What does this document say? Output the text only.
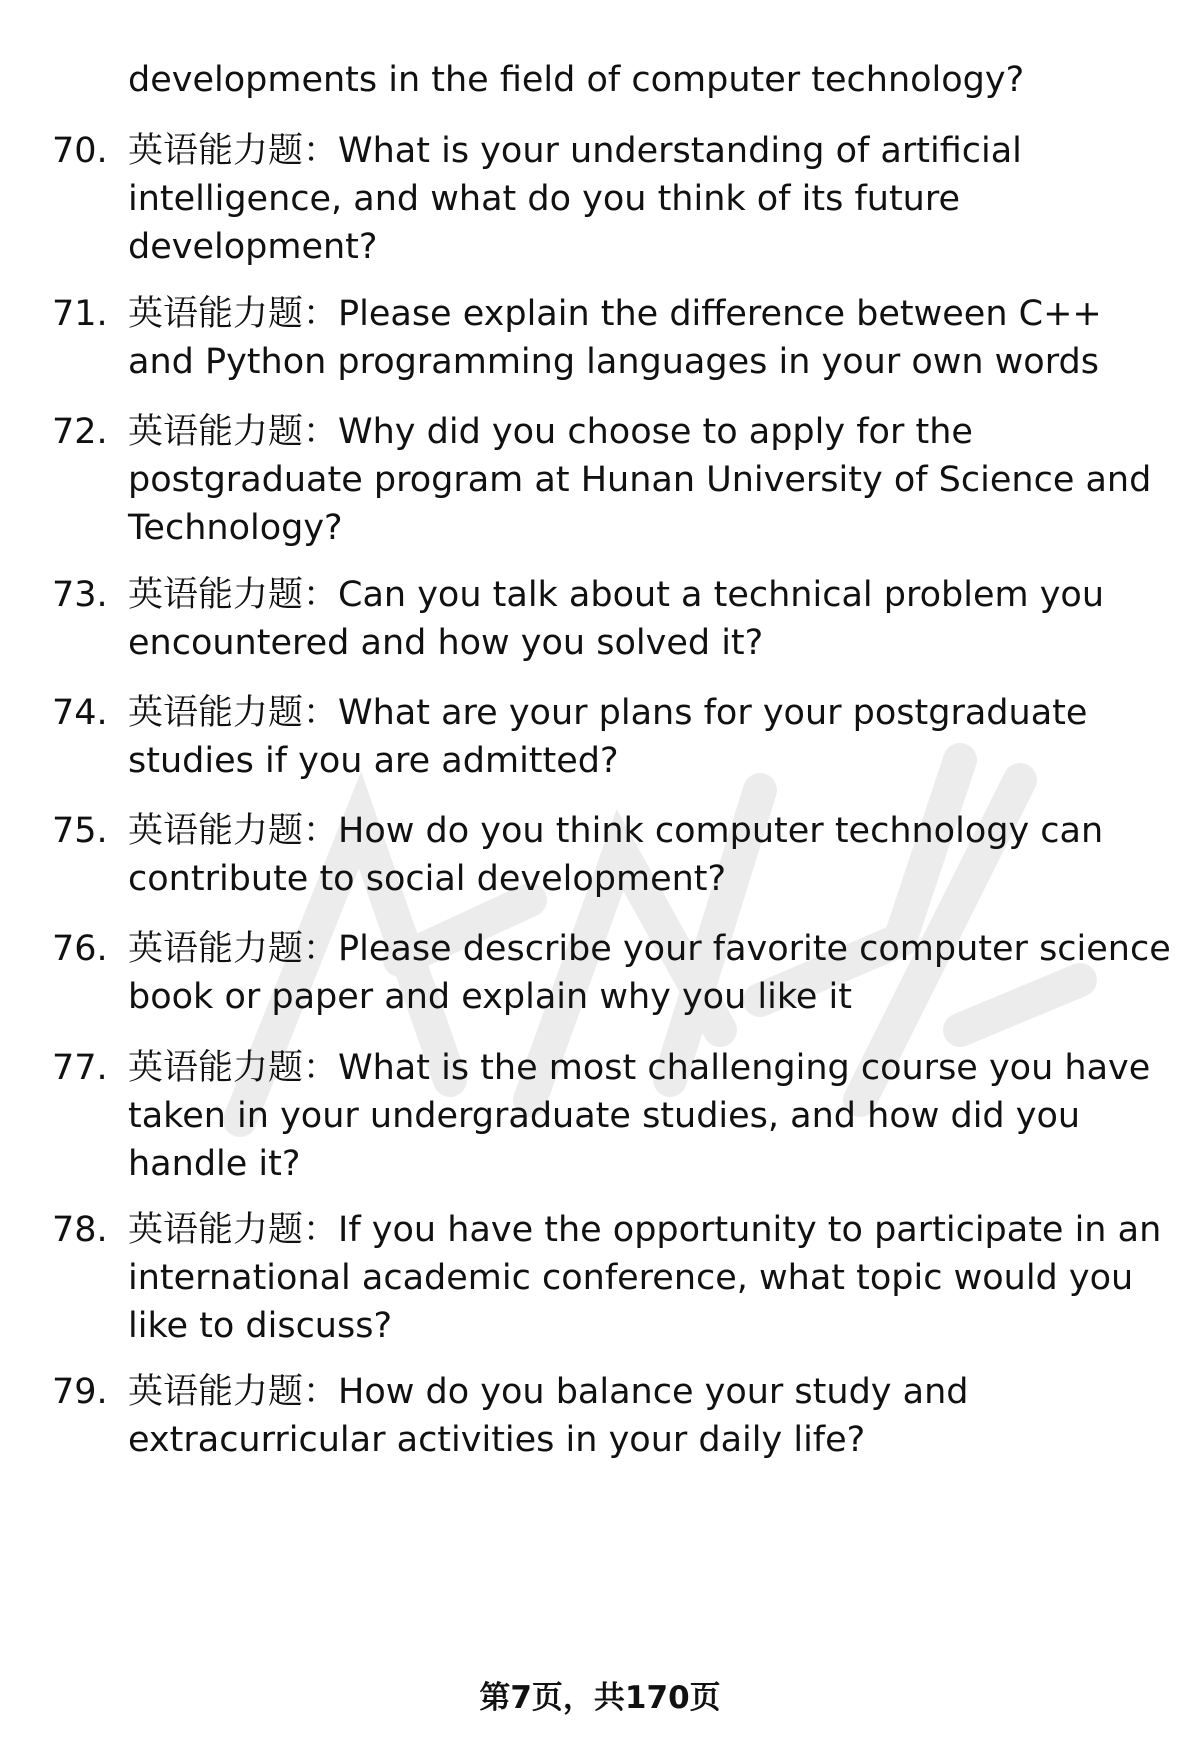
developments in the field of computer technology?
70. 英语能力题：What is your understanding of artificial intelligence, and what do you think of its future development?
71. 英语能力题：Please explain the difference between C++ and Python programming languages in your own words
72. 英语能力题：Why did you choose to apply for the postgraduate program at Hunan University of Science and Technology?
73. 英语能力题：Can you talk about a technical problem you encountered and how you solved it?
74. 英语能力题：What are your plans for your postgraduate studies if you are admitted?
75. 英语能力题：How do you think computer technology can contribute to social development?
76. 英语能力题：Please describe your favorite computer science book or paper and explain why you like it
77. 英语能力题：What is the most challenging course you have taken in your undergraduate studies, and how did you handle it?
78. 英语能力题：If you have the opportunity to participate in an international academic conference, what topic would you like to discuss?
79. 英语能力题：How do you balance your study and extracurricular activities in your daily life?
第7页，共170页
